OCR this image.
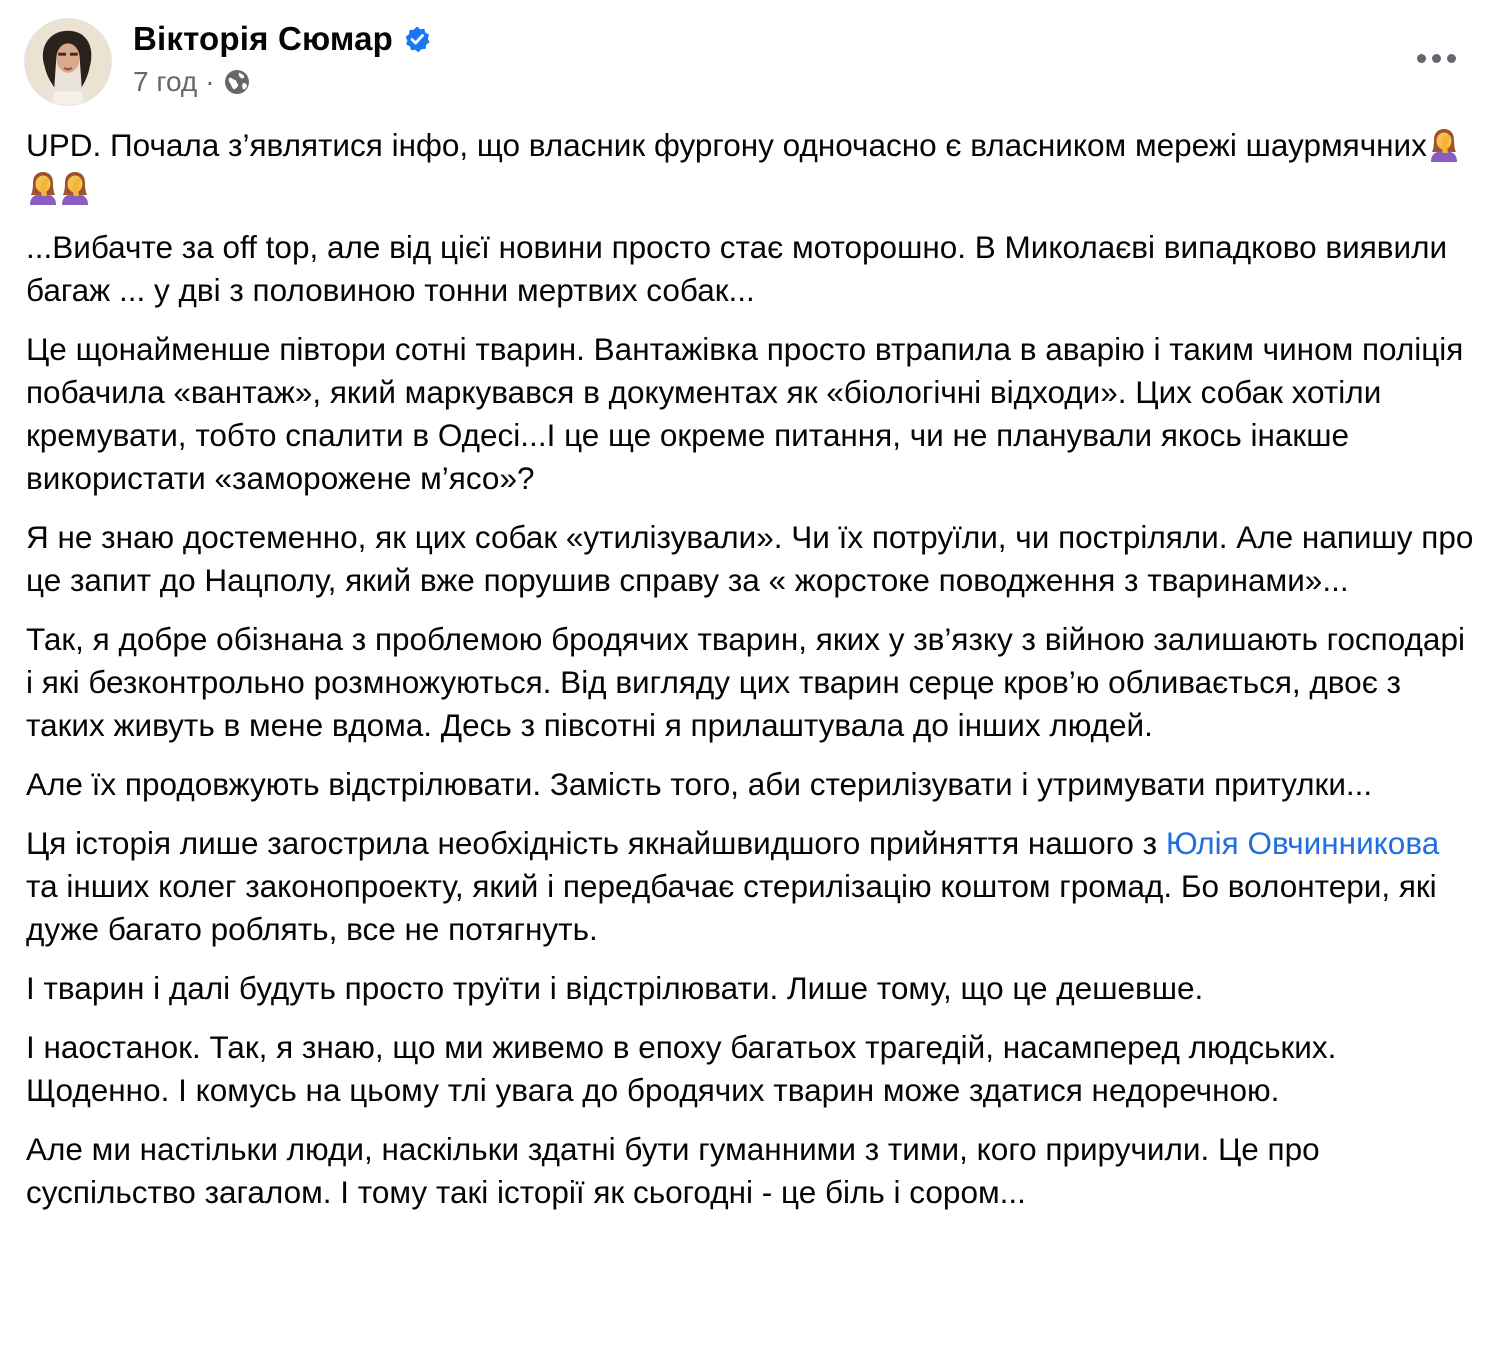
Вікторія Сюмар
7 год ·

UPD. Почала з’являтися інфо, що власник фургону одночасно є власником мережі шаурмячних

...Вибачте за off top, але від цієї новини просто стає моторошно. В Миколаєві випадково виявили багаж ... у дві з половиною тонни мертвих собак...

Це щонайменше півтори сотні тварин. Вантажівка просто втрапила в аварію і таким чином поліція побачила «вантаж», який маркувався в документах як «біологічні відходи». Цих собак хотіли кремувати, тобто спалити в Одесі...І це ще окреме питання, чи не планували якось інакше використати «заморожене м’ясо»?

Я не знаю достеменно, як цих собак «утилізували». Чи їх потруїли, чи постріляли. Але напишу про це запит до Нацполу, який вже порушив справу за « жорстоке поводження з тваринами»...

Так, я добре обізнана з проблемою бродячих тварин, яких у зв’язку з війною залишають господарі і які безконтрольно розмножуються. Від вигляду цих тварин серце кров’ю обливається, двоє з таких живуть в мене вдома. Десь з півсотні я прилаштувала до інших людей.

Але їх продовжують відстрілювати. Замість того, аби стерилізувати і утримувати притулки...

Ця історія лише загострила необхідність якнайшвидшого прийняття нашого з Юлія Овчинникова та інших колег законопроекту, який і передбачає стерилізацію коштом громад. Бо волонтери, які дуже багато роблять, все не потягнуть.

І тварин і далі будуть просто труїти і відстрілювати. Лише тому, що це дешевше.

І наостанок. Так, я знаю, що ми живемо в епоху багатьох трагедій, насамперед людських. Щоденно. І комусь на цьому тлі увага до бродячих тварин може здатися недоречною.

Але ми настільки люди, наскільки здатні бути гуманними з тими, кого приручили. Це про суспільство загалом. І тому такі історії як сьогодні - це біль і сором...
